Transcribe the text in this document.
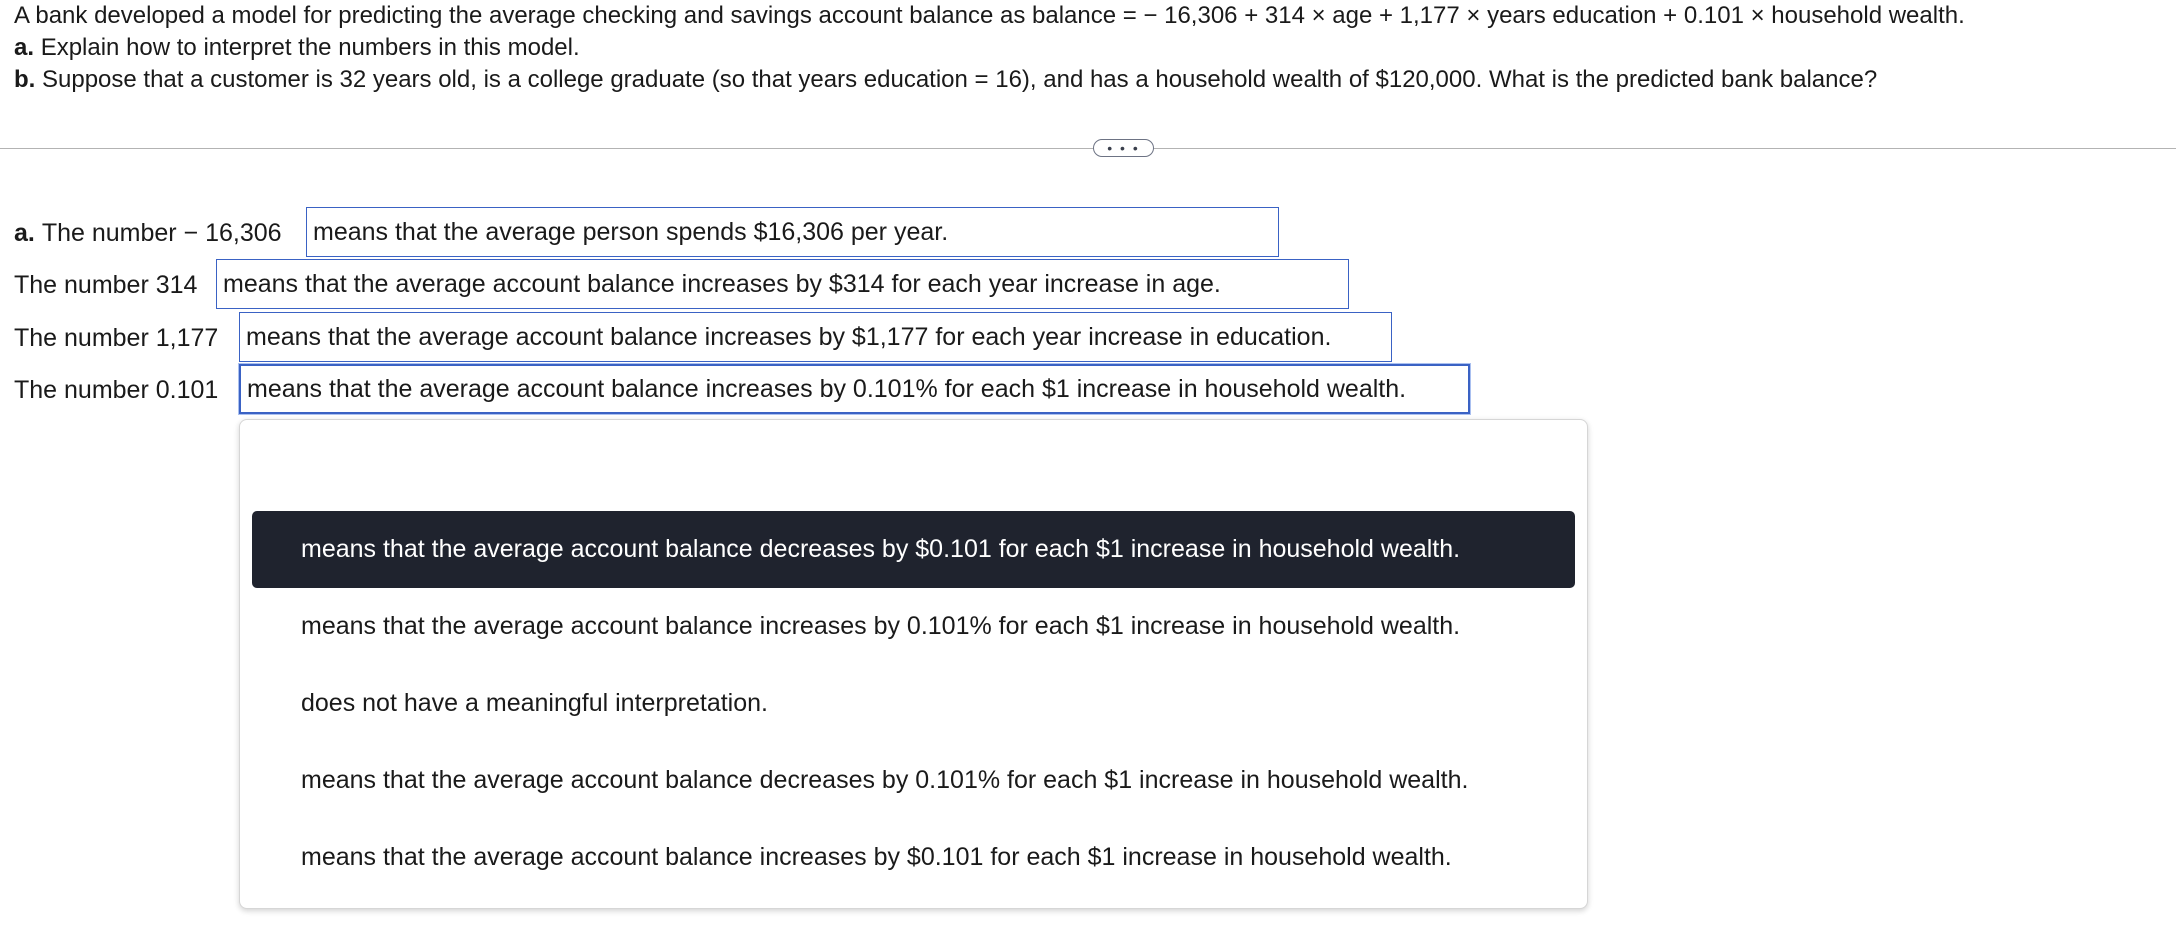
A bank developed a model for predicting the average checking and savings account balance as balance = − 16,306 + 314 × age + 1,177 × years education + 0.101 × household wealth.
a. Explain how to interpret the numbers in this model.
b. Suppose that a customer is 32 years old, is a college graduate (so that years education = 16), and has a household wealth of $120,000. What is the predicted bank balance?
• • •
a.
The number − 16,306	means that the average person spends $16,306 per year.
The number 314	means that the average account balance increases by $314 for each year increase in age.
The number 1,177	means that the average account balance increases by $1,177 for each year increase in education.
The number 0.101	means that the average account balance increases by 0.101% for each $1 increase in household wealth.
means that the average account balance decreases by $0.101 for each $1 increase in household wealth.
means that the average account balance increases by 0.101% for each $1 increase in household wealth.
does not have a meaningful interpretation.
means that the average account balance decreases by 0.101% for each $1 increase in household wealth.
means that the average account balance increases by $0.101 for each $1 increase in household wealth.
